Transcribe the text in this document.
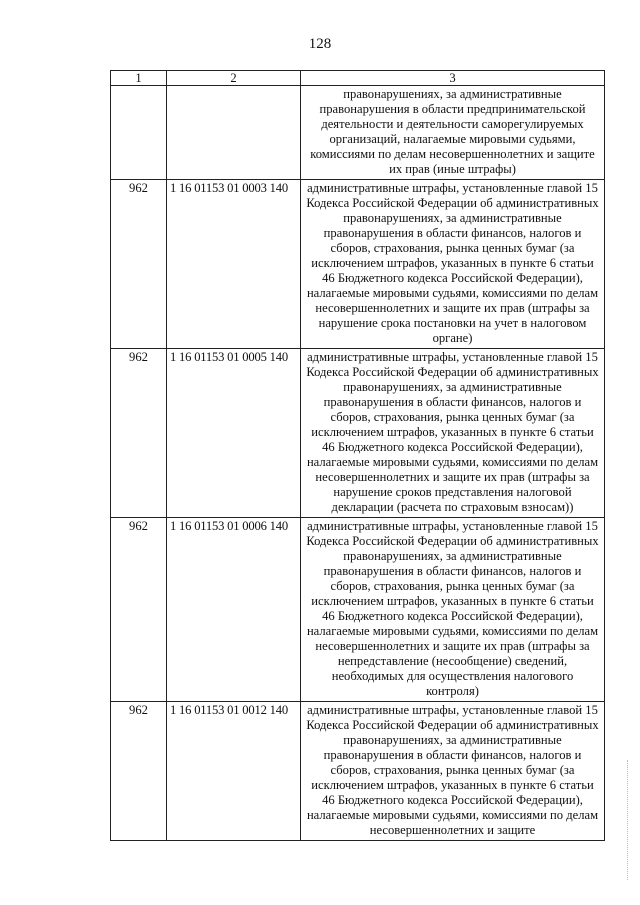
128
1	2	3
		правонарушениях, за административные правонарушения в области предпринимательской деятельности и деятельности саморегулируемых организаций, налагаемые мировыми судьями, комиссиями по делам несовершеннолетних и защите их прав (иные штрафы)
962	1 16 01153 01 0003 140	административные штрафы, установленные главой 15 Кодекса Российской Федерации об административных правонарушениях, за административные правонарушения в области финансов, налогов и сборов, страхования, рынка ценных бумаг (за исключением штрафов, указанных в пункте 6 статьи 46 Бюджетного кодекса Российской Федерации), налагаемые мировыми судьями, комиссиями по делам несовершеннолетних и защите их прав (штрафы за нарушение срока постановки на учет в налоговом органе)
962	1 16 01153 01 0005 140	административные штрафы, установленные главой 15 Кодекса Российской Федерации об административных правонарушениях, за административные правонарушения в области финансов, налогов и сборов, страхования, рынка ценных бумаг (за исключением штрафов, указанных в пункте 6 статьи 46 Бюджетного кодекса Российской Федерации), налагаемые мировыми судьями, комиссиями по делам несовершеннолетних и защите их прав (штрафы за нарушение сроков представления налоговой декларации (расчета по страховым взносам))
962	1 16 01153 01 0006 140	административные штрафы, установленные главой 15 Кодекса Российской Федерации об административных правонарушениях, за административные правонарушения в области финансов, налогов и сборов, страхования, рынка ценных бумаг (за исключением штрафов, указанных в пункте 6 статьи 46 Бюджетного кодекса Российской Федерации), налагаемые мировыми судьями, комиссиями по делам несовершеннолетних и защите их прав (штрафы за непредставление (несообщение) сведений, необходимых для осуществления налогового контроля)
962	1 16 01153 01 0012 140	административные штрафы, установленные главой 15 Кодекса Российской Федерации об административных правонарушениях, за административные правонарушения в области финансов, налогов и сборов, страхования, рынка ценных бумаг (за исключением штрафов, указанных в пункте 6 статьи 46 Бюджетного кодекса Российской Федерации), налагаемые мировыми судьями, комиссиями по делам несовершеннолетних и защите
